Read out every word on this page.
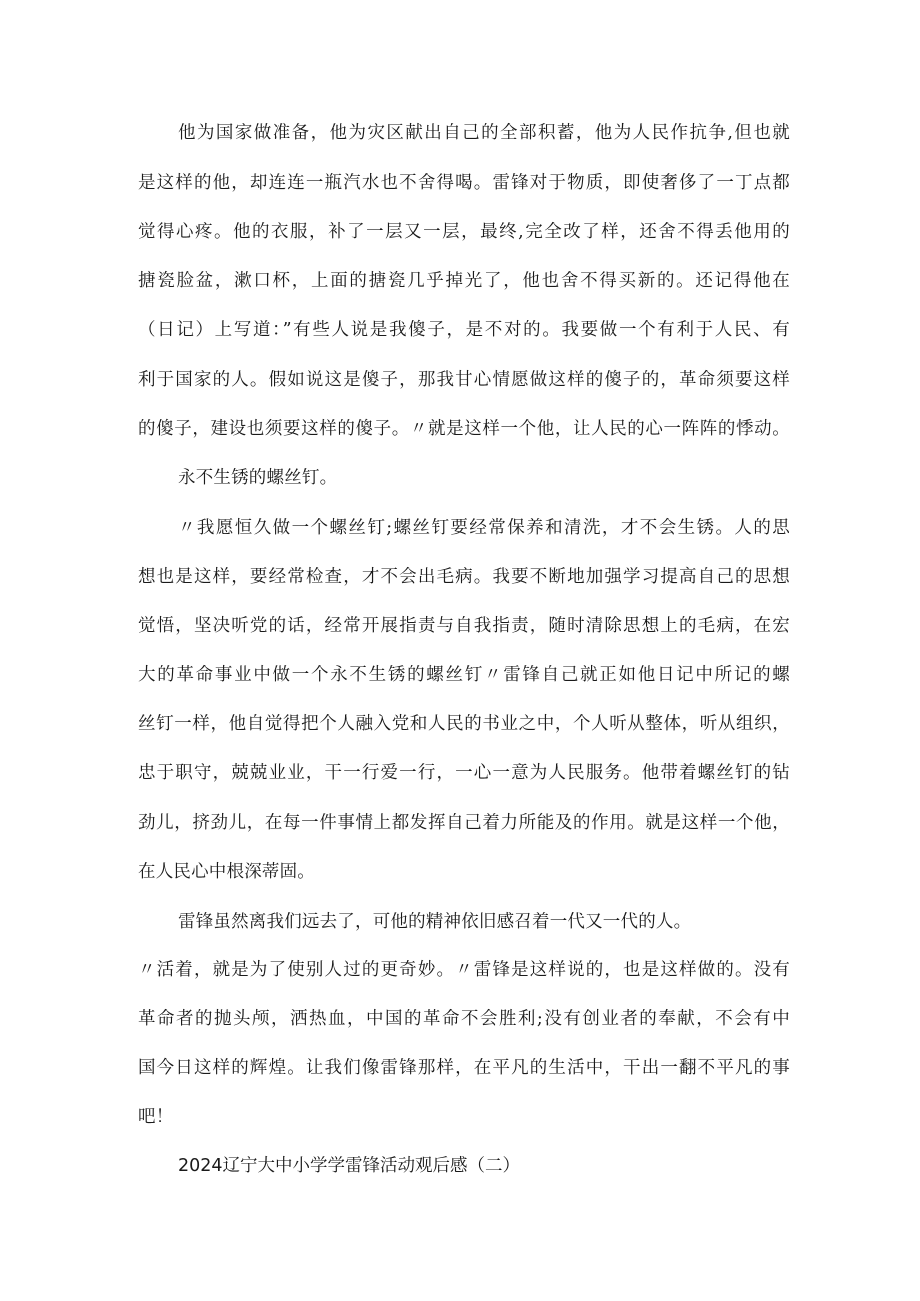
他为国家做准备，他为灾区献出自己的全部积蓄，他为人民作抗争,但也就
是这样的他，却连连一瓶汽水也不舍得喝。雷锋对于物质，即使奢侈了一丁点都
觉得心疼。他的衣服，补了一层又一层，最终,完全改了样，还舍不得丢他用的
搪瓷脸盆，漱口杯，上面的搪瓷几乎掉光了，他也舍不得买新的。还记得他在
（日记）上写道：”有些人说是我傻子，是不对的。我要做一个有利于人民、有
利于国家的人。假如说这是傻子，那我甘心情愿做这样的傻子的，革命须要这样
的傻子，建设也须要这样的傻子。〃就是这样一个他，让人民的心一阵阵的悸动。
永不生锈的螺丝钉。
〃我愿恒久做一个螺丝钉;螺丝钉要经常保养和清洗，才不会生锈。人的思
想也是这样，要经常检查，才不会出毛病。我要不断地加强学习提高自己的思想
觉悟，坚决听党的话，经常开展指责与自我指责，随时清除思想上的毛病，在宏
大的革命事业中做一个永不生锈的螺丝钉〃雷锋自己就正如他日记中所记的螺
丝钉一样，他自觉得把个人融入党和人民的书业之中，个人听从整体，听从组织，
忠于职守，兢兢业业，干一行爱一行，一心一意为人民服务。他带着螺丝钉的钻
劲儿，挤劲儿，在每一件事情上都发挥自己着力所能及的作用。就是这样一个他，
在人民心中根深蒂固。
雷锋虽然离我们远去了，可他的精神依旧感召着一代又一代的人。
〃活着，就是为了使别人过的更奇妙。〃雷锋是这样说的，也是这样做的。没有
革命者的抛头颅，洒热血，中国的革命不会胜利;没有创业者的奉献，不会有中
国今日这样的辉煌。让我们像雷锋那样，在平凡的生活中，干出一翻不平凡的事
吧！
2024辽宁大中小学学雷锋活动观后感（二）
